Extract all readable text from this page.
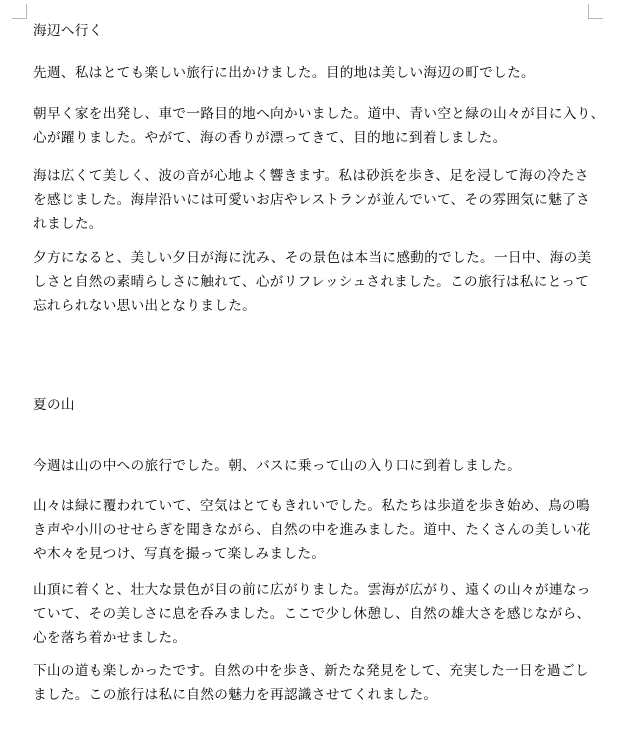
海辺へ行く

先週、私はとても楽しい旅行に出かけました。目的地は美しい海辺の町でした。

朝早く家を出発し、車で一路目的地へ向かいました。道中、青い空と緑の山々が目に入り、
心が躍りました。やがて、海の香りが漂ってきて、目的地に到着しました。

海は広くて美しく、波の音が心地よく響きます。私は砂浜を歩き、足を浸して海の冷たさ
を感じました。海岸沿いには可愛いお店やレストランが並んでいて、その雰囲気に魅了さ
れました。

夕方になると、美しい夕日が海に沈み、その景色は本当に感動的でした。一日中、海の美
しさと自然の素晴らしさに触れて、心がリフレッシュされました。この旅行は私にとって
忘れられない思い出となりました。

夏の山

今週は山の中への旅行でした。朝、バスに乗って山の入り口に到着しました。

山々は緑に覆われていて、空気はとてもきれいでした。私たちは歩道を歩き始め、鳥の鳴
き声や小川のせせらぎを聞きながら、自然の中を進みました。道中、たくさんの美しい花
や木々を見つけ、写真を撮って楽しみました。

山頂に着くと、壮大な景色が目の前に広がりました。雲海が広がり、遠くの山々が連なっ
ていて、その美しさに息を呑みました。ここで少し休憩し、自然の雄大さを感じながら、
心を落ち着かせました。

下山の道も楽しかったです。自然の中を歩き、新たな発見をして、充実した一日を過ごし
ました。この旅行は私に自然の魅力を再認識させてくれました。
